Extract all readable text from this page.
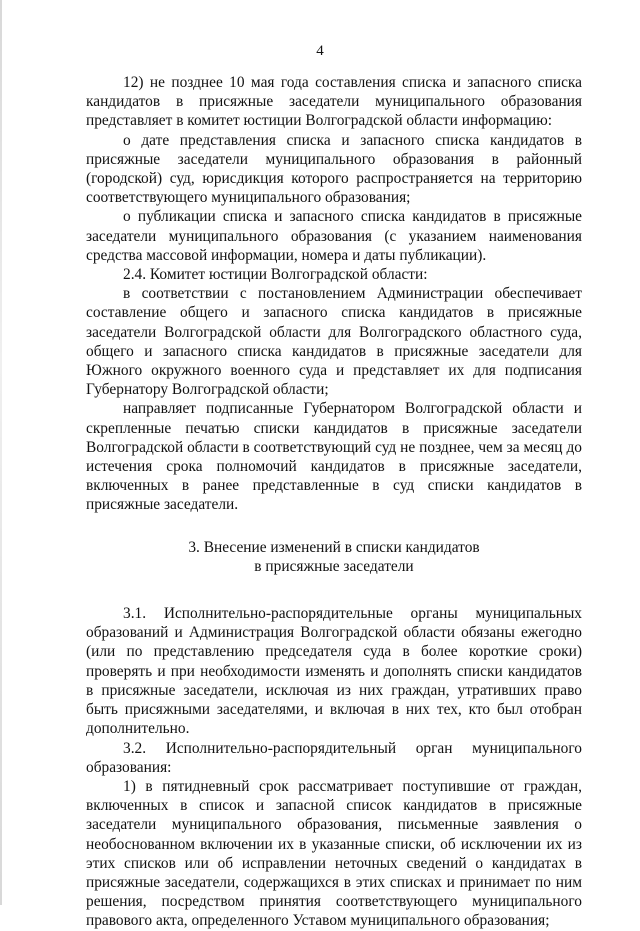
4

12) не позднее 10 мая года составления списка и запасного списка кандидатов в присяжные заседатели муниципального образования представляет в комитет юстиции Волгоградской области информацию:

о дате представления списка и запасного списка кандидатов в присяжные заседатели муниципального образования в районный (городской) суд, юрисдикция которого распространяется на территорию соответствующего муниципального образования;

о публикации списка и запасного списка кандидатов в присяжные заседатели муниципального образования (с указанием наименования средства массовой информации, номера и даты публикации).

2.4. Комитет юстиции Волгоградской области:

в соответствии с постановлением Администрации обеспечивает составление общего и запасного списка кандидатов в присяжные заседатели Волгоградской области для Волгоградского областного суда, общего и запасного списка кандидатов в присяжные заседатели для Южного окружного военного суда и представляет их для подписания Губернатору Волгоградской области;

направляет подписанные Губернатором Волгоградской области и скрепленные печатью списки кандидатов в присяжные заседатели Волгоградской области в соответствующий суд не позднее, чем за месяц до истечения срока полномочий кандидатов в присяжные заседатели, включенных в ранее представленные в суд списки кандидатов в присяжные заседатели.

3. Внесение изменений в списки кандидатов

в присяжные заседатели

3.1. Исполнительно-распорядительные органы муниципальных образований и Администрация Волгоградской области обязаны ежегодно (или по представлению председателя суда в более короткие сроки) проверять и при необходимости изменять и дополнять списки кандидатов в присяжные заседатели, исключая из них граждан, утративших право быть присяжными заседателями, и включая в них тех, кто был отобран дополнительно.

3.2. Исполнительно-распорядительный орган муниципального образования:

1) в пятидневный срок рассматривает поступившие от граждан, включенных в список и запасной список кандидатов в присяжные заседатели муниципального образования, письменные заявления о необоснованном включении их в указанные списки, об исключении их из этих списков или об исправлении неточных сведений о кандидатах в присяжные заседатели, содержащихся в этих списках и принимает по ним решения, посредством принятия соответствующего муниципального правового акта, определенного Уставом муниципального образования;
